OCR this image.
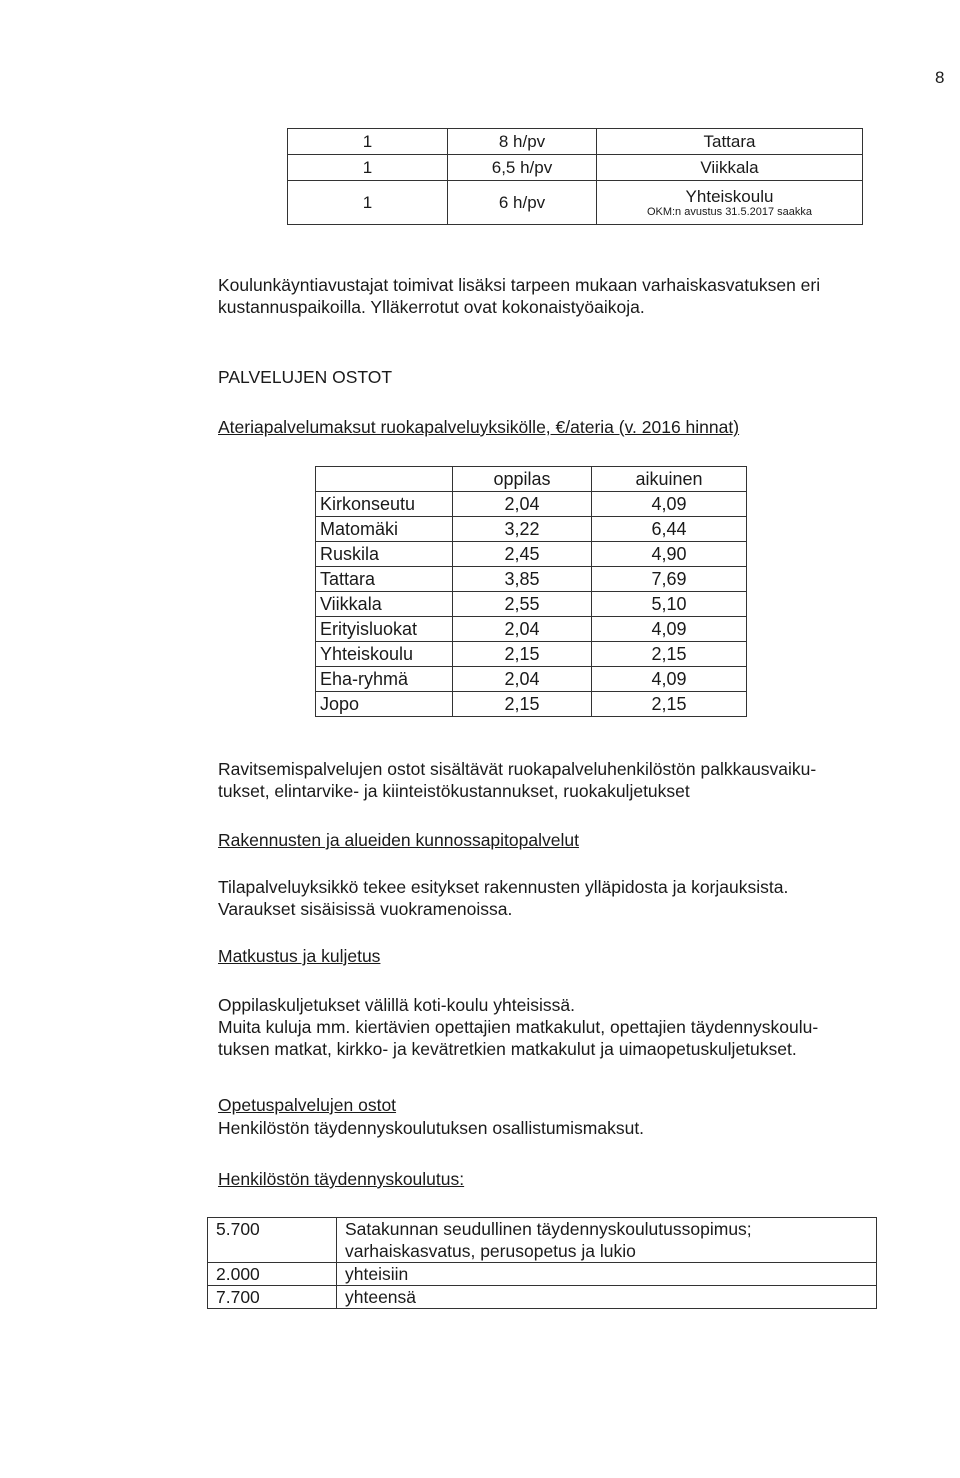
8
1	8 h/pv	Tattara
1	6,5 h/pv	Viikkala
1	6 h/pv	Yhteiskoulu
OKM:n avustus 31.5.2017 saakka

Koulunkäyntiavustajat toimivat lisäksi tarpeen mukaan varhaiskasvatuksen eri

kustannuspaikoilla. Ylläkerrotut ovat kokonaistyöaikoja.

PALVELUJEN OSTOT
Ateriapalvelumaksut ruokapalveluyksikölle, €/ateria (v. 2016 hinnat)
	oppilas	aikuinen
Kirkonseutu	2,04	4,09
Matomäki	3,22	6,44
Ruskila	2,45	4,90
Tattara	3,85	7,69
Viikkala	2,55	5,10
Erityisluokat	2,04	4,09
Yhteiskoulu	2,15	2,15
Eha-ryhmä	2,04	4,09
Jopo	2,15	2,15

Ravitsemispalvelujen ostot sisältävät ruokapalveluhenkilöstön palkkausvaiku-

tukset, elintarvike- ja kiinteistökustannukset, ruokakuljetukset

Rakennusten ja alueiden kunnossapitopalvelut

Tilapalveluyksikkö tekee esitykset rakennusten ylläpidosta ja korjauksista.

Varaukset sisäisissä vuokramenoissa.

Matkustus ja kuljetus

Oppilaskuljetukset välillä koti-koulu yhteisissä.

Muita kuluja mm. kiertävien opettajien matkakulut, opettajien täydennyskoulu-

tuksen matkat, kirkko- ja kevätretkien matkakulut ja uimaopetuskuljetukset.

Opetuspalvelujen ostot

Henkilöstön täydennyskoulutuksen osallistumismaksut.

Henkilöstön täydennyskoulutus:
5.700	Satakunnan seudullinen täydennyskoulutussopimus;
varhaiskasvatus, perusopetus ja lukio

2.000	yhteisiin
7.700	yhteensä
